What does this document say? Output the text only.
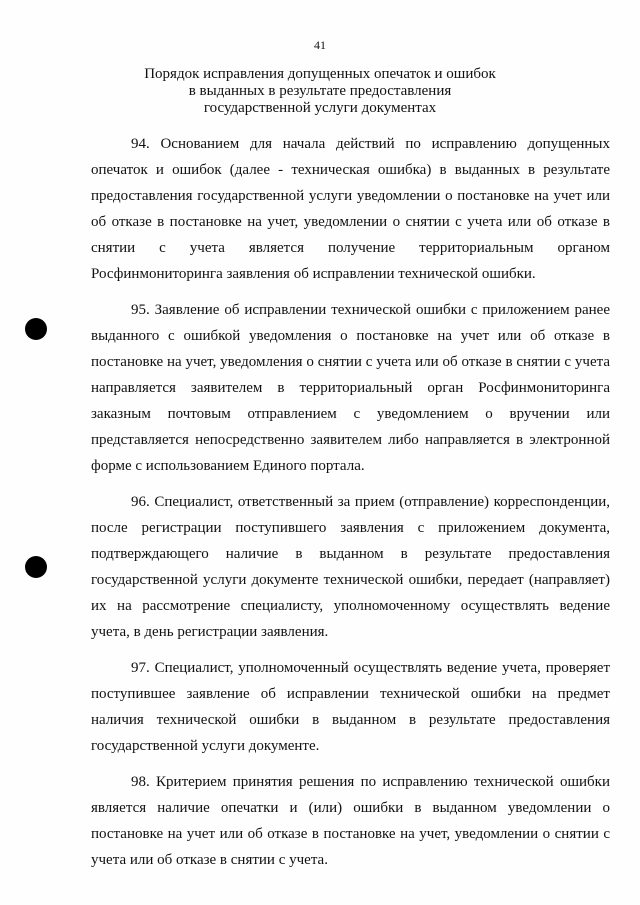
41
Порядок исправления допущенных опечаток и ошибок
в выданных в результате предоставления
государственной услуги документах

94. Основанием для начала действий по исправлению допущенных опечаток и ошибок (далее - техническая ошибка) в выданных в результате предоставления государственной услуги уведомлении о постановке на учет или об отказе в постановке на учет, уведомлении о снятии с учета или об отказе в снятии с учета является получение территориальным органом Росфинмониторинга заявления об исправлении технической ошибки.

95. Заявление об исправлении технической ошибки с приложением ранее выданного с ошибкой уведомления о постановке на учет или об отказе в постановке на учет, уведомления о снятии с учета или об отказе в снятии с учета направляется заявителем в территориальный орган Росфинмониторинга заказным почтовым отправлением с уведомлением о вручении или представляется непосредственно заявителем либо направляется в электронной форме с использованием Единого портала.

96. Специалист, ответственный за прием (отправление) корреспонденции, после регистрации поступившего заявления с приложением документа, подтверждающего наличие в выданном в результате предоставления государственной услуги документе технической ошибки, передает (направляет) их на рассмотрение специалисту, уполномоченному осуществлять ведение учета, в день регистрации заявления.

97. Специалист, уполномоченный осуществлять ведение учета, проверяет поступившее заявление об исправлении технической ошибки на предмет наличия технической ошибки в выданном в результате предоставления государственной услуги документе.

98. Критерием принятия решения по исправлению технической ошибки является наличие опечатки и (или) ошибки в выданном уведомлении о постановке на учет или об отказе в постановке на учет, уведомлении о снятии с учета или об отказе в снятии с учета.
